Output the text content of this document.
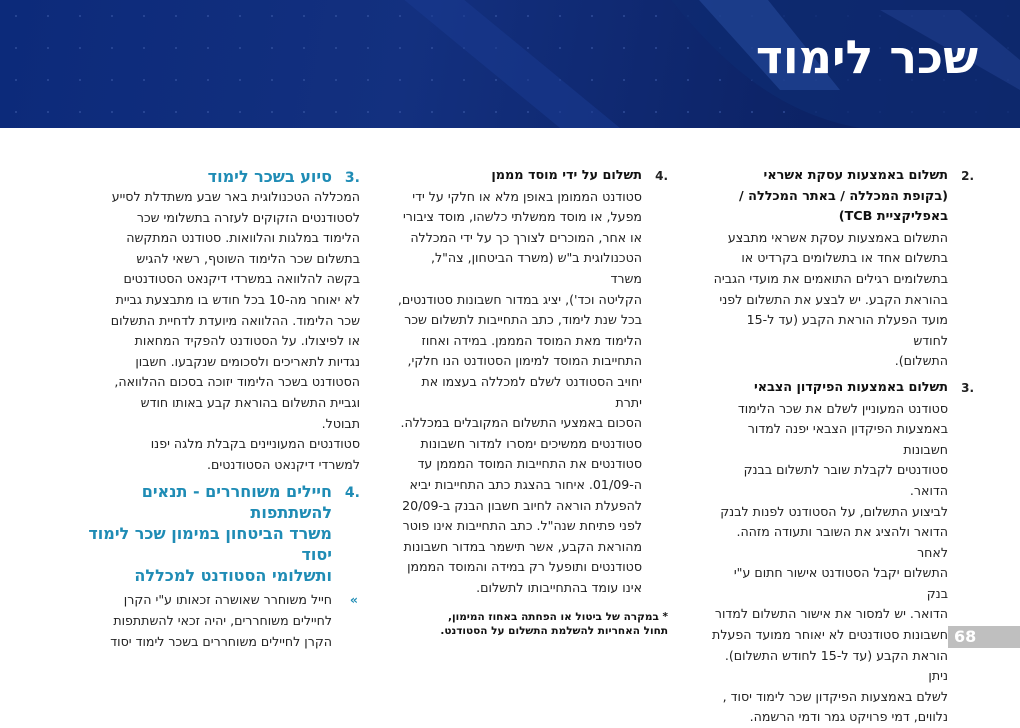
שכר לימוד
.2

תשלום באמצעות עסקת אשראי

(בקופת המכללה / באתר המכללה /

באפליקציית TCB)

התשלום באמצעות עסקת אשראי מתבצע

בתשלום אחד או בתשלומים בקרדיט או

בתשלומים רגילים התואמים את מועדי הגביה

בהוראת הקבע. יש לבצע את התשלום לפני

מועד הפעלת הוראת הקבע (עד ל-15 לחודש

התשלום).

.3

תשלום באמצעות הפיקדון הצבאי

סטודנט המעוניין לשלם את שכר הלימוד

באמצעות הפיקדון הצבאי יפנה למדור חשבונות

סטודנטים לקבלת שובר לתשלום בבנק הדואר.

לביצוע התשלום, על הסטודנט לפנות לבנק

הדואר ולהציג את השובר ותעודה מזהה. לאחר

התשלום יקבל הסטודנט אישור חתום ע"י בנק

הדואר. יש למסור את אישור התשלום למדור

חשבונות סטודנטים לא יאוחר ממועד הפעלת

הוראת הקבע (עד ל-15 לחודש התשלום). ניתן

לשלם באמצעות הפיקדון שכר לימוד יסוד ,

נלווים, דמי פרויקט גמר ודמי הרשמה.

.4

תשלום על ידי מוסד מממן

סטודנט הממומן באופן מלא או חלקי על ידי

מפעל, או מוסד ממשלתי כלשהו, מוסד ציבורי

או אחר, המוכרים לצורך כך על ידי המכללה

הטכנולוגית ב"ש (משרד הביטחון, צה"ל, משרד

הקליטה וכד'), יציג במדור חשבונות סטודנטים,

בכל שנת לימוד, כתב התחייבות לתשלום שכר

הלימוד מאת המוסד המממן. במידה ואחוז

התחייבות המוסד למימון הסטודנט הנו חלקי,

יחויב הסטודנט לשלם למכללה בעצמו את יתרת

הסכום באמצעי התשלום המקובלים במכללה.

סטודנטים ממשיכים ימסרו למדור חשבונות

סטודנטים את התחייבות המוסד המממן עד

ה-01/09. איחור בהצגת כתב התחייבות יביא

להפעלת הוראה לחיוב חשבון הבנק ב-20/09

לפני פתיחת שנה"ל. כתב התחייבות אינו פוטר

מהוראת הקבע, אשר תישמר במדור חשבונות

סטודנטים ותופעל רק במידה והמוסד המממן

אינו עומד בהתחייבותו לתשלום.

* במקרה של ביטול או הפחתה באחוז המימון,
תחול האחריות להשלמת התשלום על הסטודנט.
.3

סיוע בשכר לימוד

המכללה הטכנולוגית באר שבע משתדלת לסייע

לסטודנטים הזקוקים לעזרה בתשלומי שכר

הלימוד במלגות והלוואות. סטודנט המתקשה

בתשלום שכר הלימוד השוטף, רשאי להגיש

בקשה להלוואה במשרדי דיקנאט הסטודנטים

לא יאוחר מה-10 בכל חודש בו מתבצעת גביית

שכר הלימוד. ההלוואה מיועדת לדחיית התשלום

או לפיצולו. על הסטודנט להפקיד המחאות

נגדיות לתאריכים ולסכומים שנקבעו. חשבון

הסטודנט בשכר הלימוד יזוכה בסכום ההלוואה,

וגביית התשלום בהוראת קבע באותו חודש

תבוטל.

סטודנטים המעוניינים בקבלת מלגה יפנו

למשרדי דיקנאט הסטודנטים.

.4

חיילים משוחררים - תנאים להשתתפות

משרד הביטחון במימון שכר לימוד יסוד

ותשלומי הסטודנט למכללה

»

חייל משוחרר שאושרה זכאותו ע"י הקרן

לחיילים משוחררים, יהיה זכאי להשתתפות

הקרן לחיילים משוחררים בשכר לימוד יסוד	68
